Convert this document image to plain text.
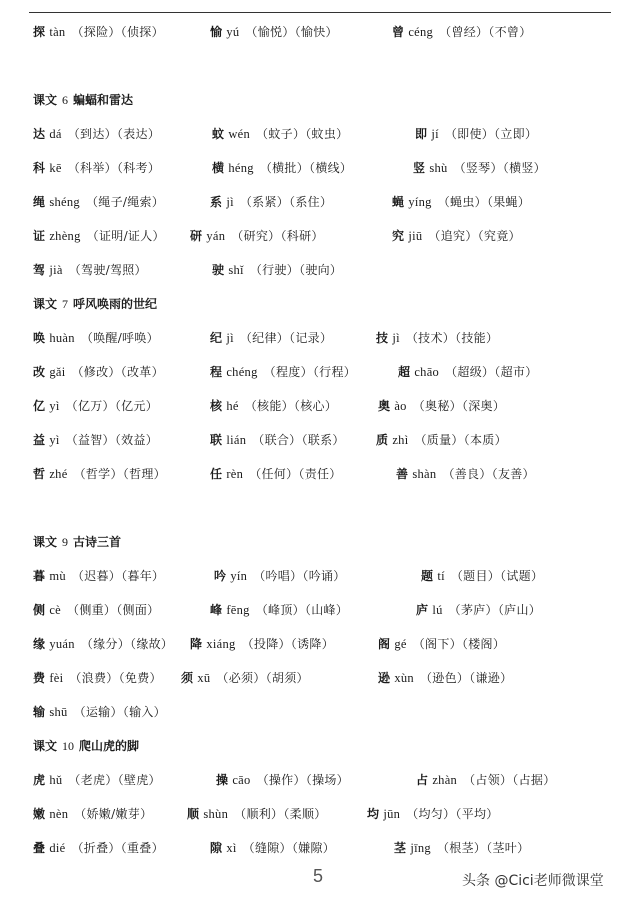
探 tàn （探险）（侦探）	愉 yú （愉悦）（愉快）	曾 céng （曾经）（不曾）
课文 6 蝙蝠和雷达
达 dá （到达）（表达）	蚊 wén （蚊子）（蚊虫）	即 jí （即使）（立即）
科 kē （科举）（科考）	横 héng （横批）（横线）	竖 shù （竖琴）（横竖）
绳 shéng （绳子/绳索）	系 jì （系紧）（系住）	蝇 yíng （蝇虫）（果蝇）
证 zhèng （证明/证人） 研 yán （研究）（科研）	究 jiū （追究）（究竟）
驾 jià （驾驶/驾照）	驶 shǐ （行驶）（驶向）
课文 7 呼风唤雨的世纪
唤 huàn （唤醒/呼唤）	纪 jì （纪律）（记录）	技 jì （技术）（技能）
改 gǎi （修改）（改革）	程 chéng （程度）（行程）	超 chāo （超级）（超市）
亿 yì （亿万）（亿元）	核 hé （核能）（核心）	奥 ào （奥秘）（深奥）
益 yì （益智）（效益）	联 lián （联合）（联系）	质 zhì （质量）（本质）
哲 zhé （哲学）（哲理）	任 rèn （任何）（责任）	善 shàn （善良）（友善）
课文 9 古诗三首
暮 mù （迟暮）（暮年）	吟 yín （吟唱）（吟诵）	题 tí （题目）（试题）
侧 cè （侧重）（侧面）	峰 fēng （峰顶）（山峰）	庐 lú （茅庐）（庐山）
缘 yuán （缘分）（缘故） 降 xiáng （投降）（诱降）	阁 gé （阁下）（楼阁）
费 fèi （浪费）（免费） 须 xū （必须）（胡须）	逊 xùn （逊色）（谦逊）
输 shū （运输）（输入）
课文 10 爬山虎的脚
虎 hǔ （老虎）（壁虎）	操 cāo （操作）（操场）	占 zhàn （占领）（占据）
嫩 nèn （娇嫩/嫩芽）	顺 shùn （顺利）（柔顺）	均 jūn （均匀）（平均）
叠 dié （折叠）（重叠）	隙 xì （缝隙）（嫌隙）	茎 jīng （根茎）（茎叶）
5	头条 @Cici老师微课堂
